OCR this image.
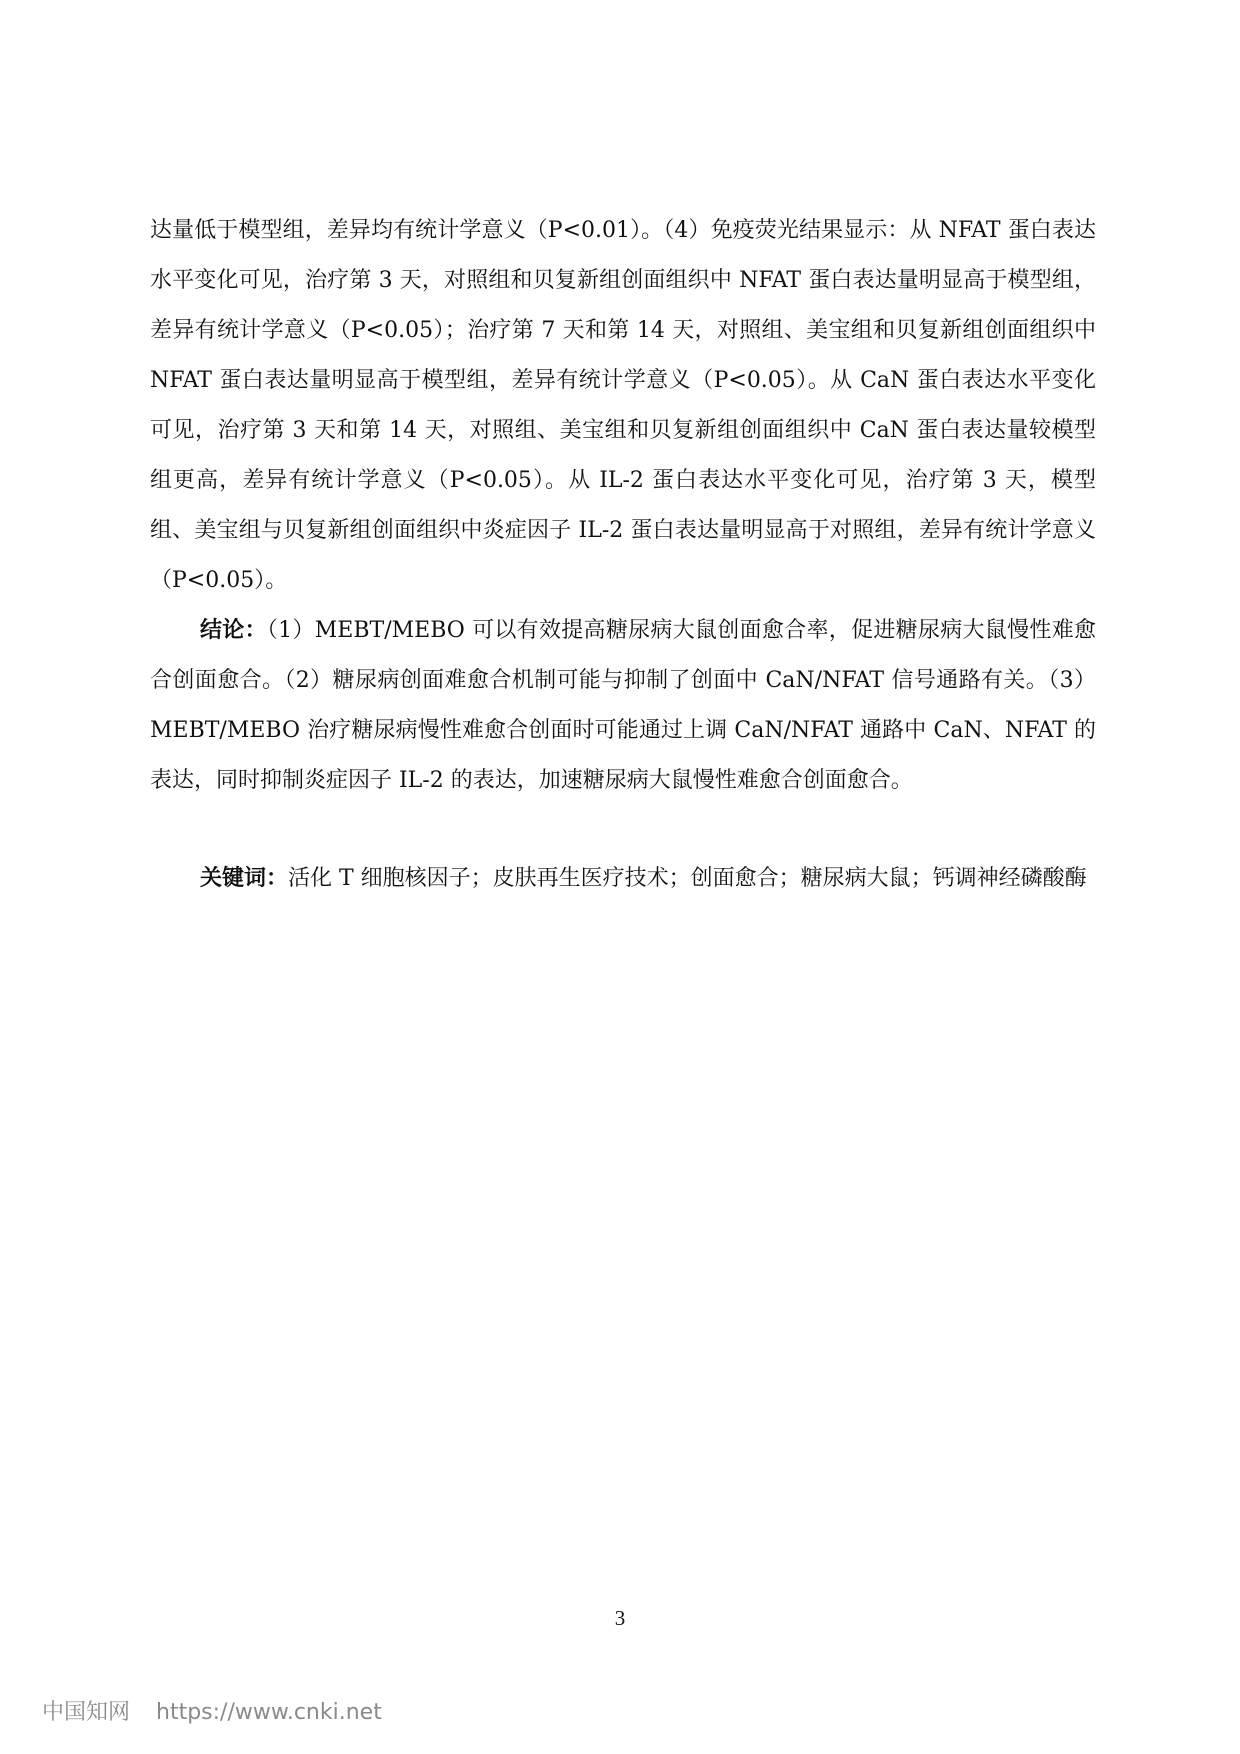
达量低于模型组，差异均有统计学意义（P<0.01）。（4）免疫荧光结果显示：从 NFAT 蛋白表达水平变化可见，治疗第 3 天，对照组和贝复新组创面组织中 NFAT 蛋白表达量明显高于模型组，差异有统计学意义（P<0.05）；治疗第 7 天和第 14 天，对照组、美宝组和贝复新组创面组织中 NFAT 蛋白表达量明显高于模型组，差异有统计学意义（P<0.05）。从 CaN 蛋白表达水平变化可见，治疗第 3 天和第 14 天，对照组、美宝组和贝复新组创面组织中 CaN 蛋白表达量较模型组更高，差异有统计学意义（P<0.05）。从 IL-2 蛋白表达水平变化可见，治疗第 3 天，模型组、美宝组与贝复新组创面组织中炎症因子 IL-2 蛋白表达量明显高于对照组，差异有统计学意义（P<0.05）。

结论：（1）MEBT/MEBO 可以有效提高糖尿病大鼠创面愈合率，促进糖尿病大鼠慢性难愈合创面愈合。（2）糖尿病创面难愈合机制可能与抑制了创面中 CaN/NFAT 信号通路有关。（3）MEBT/MEBO 治疗糖尿病慢性难愈合创面时可能通过上调 CaN/NFAT 通路中 CaN、NFAT 的表达，同时抑制炎症因子 IL-2 的表达，加速糖尿病大鼠慢性难愈合创面愈合。

关键词：活化 T 细胞核因子；皮肤再生医疗技术；创面愈合；糖尿病大鼠；钙调神经磷酸酶

3
中国知网 https://www.cnki.net
